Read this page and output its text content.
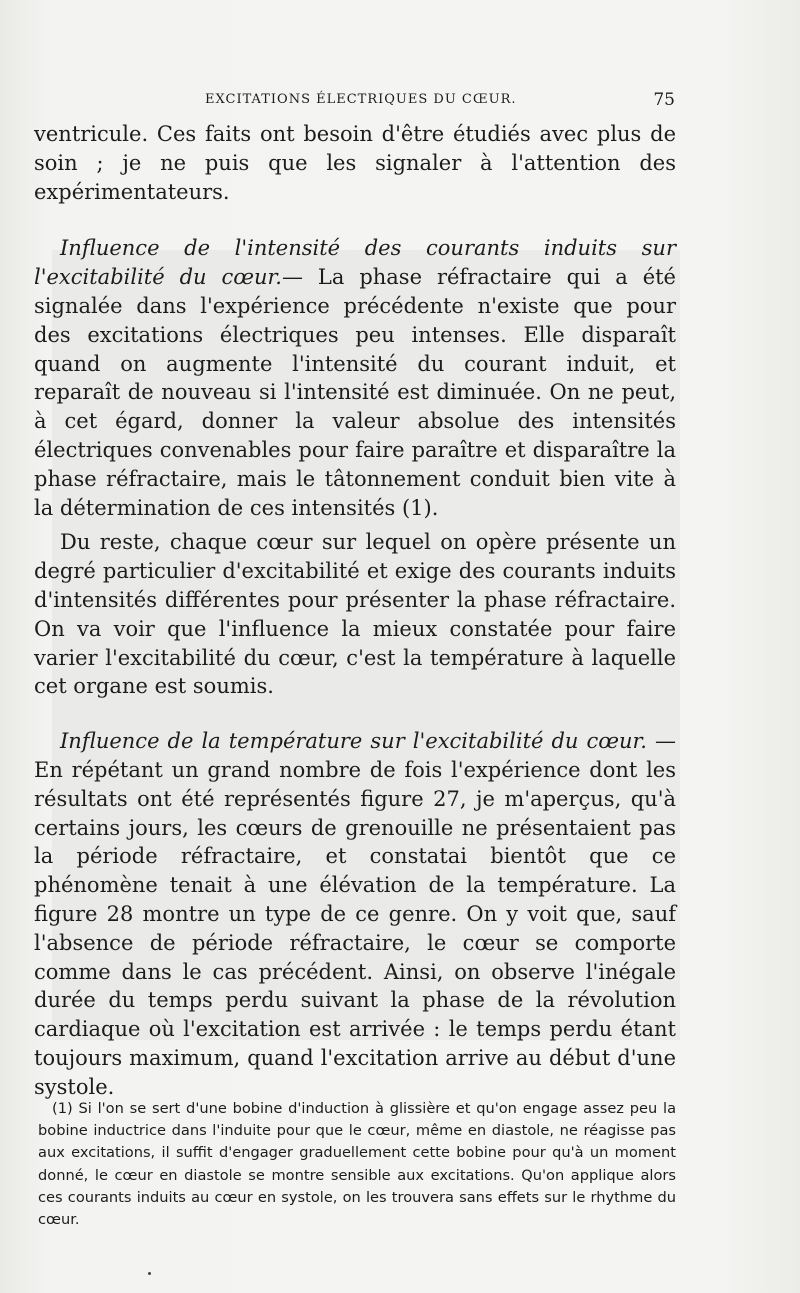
EXCITATIONS ÉLECTRIQUES DU CŒUR.	75

ventricule. Ces faits ont besoin d'être étudiés avec plus de soin ; je ne puis que les signaler à l'attention des expérimentateurs.

Influence de l'intensité des courants induits sur l'excitabilité du cœur.— La phase réfractaire qui a été signalée dans l'expérience précédente n'existe que pour des excitations électriques peu intenses. Elle disparaît quand on augmente l'intensité du courant induit, et reparaît de nouveau si l'intensité est diminuée. On ne peut, à cet égard, donner la valeur absolue des intensités électriques convenables pour faire paraître et disparaître la phase réfractaire, mais le tâtonnement conduit bien vite à la détermination de ces intensités (1).

Du reste, chaque cœur sur lequel on opère présente un degré particulier d'excitabilité et exige des courants induits d'intensités différentes pour présenter la phase réfractaire. On va voir que l'influence la mieux constatée pour faire varier l'excitabilité du cœur, c'est la température à laquelle cet organe est soumis.

Influence de la température sur l'excitabilité du cœur. — En répétant un grand nombre de fois l'expérience dont les résultats ont été représentés figure 27, je m'aperçus, qu'à certains jours, les cœurs de grenouille ne présentaient pas la période réfractaire, et constatai bientôt que ce phénomène tenait à une élévation de la température. La figure 28 montre un type de ce genre. On y voit que, sauf l'absence de période réfractaire, le cœur se comporte comme dans le cas précédent. Ainsi, on observe l'inégale durée du temps perdu suivant la phase de la révolution cardiaque où l'excitation est arrivée : le temps perdu étant toujours maximum, quand l'excitation arrive au début d'une systole.

(1) Si l'on se sert d'une bobine d'induction à glissière et qu'on engage assez peu la bobine inductrice dans l'induite pour que le cœur, même en diastole, ne réagisse pas aux excitations, il suffit d'engager graduellement cette bobine pour qu'à un moment donné, le cœur en diastole se montre sensible aux excitations. Qu'on applique alors ces courants induits au cœur en systole, on les trouvera sans effets sur le rhythme du cœur.
